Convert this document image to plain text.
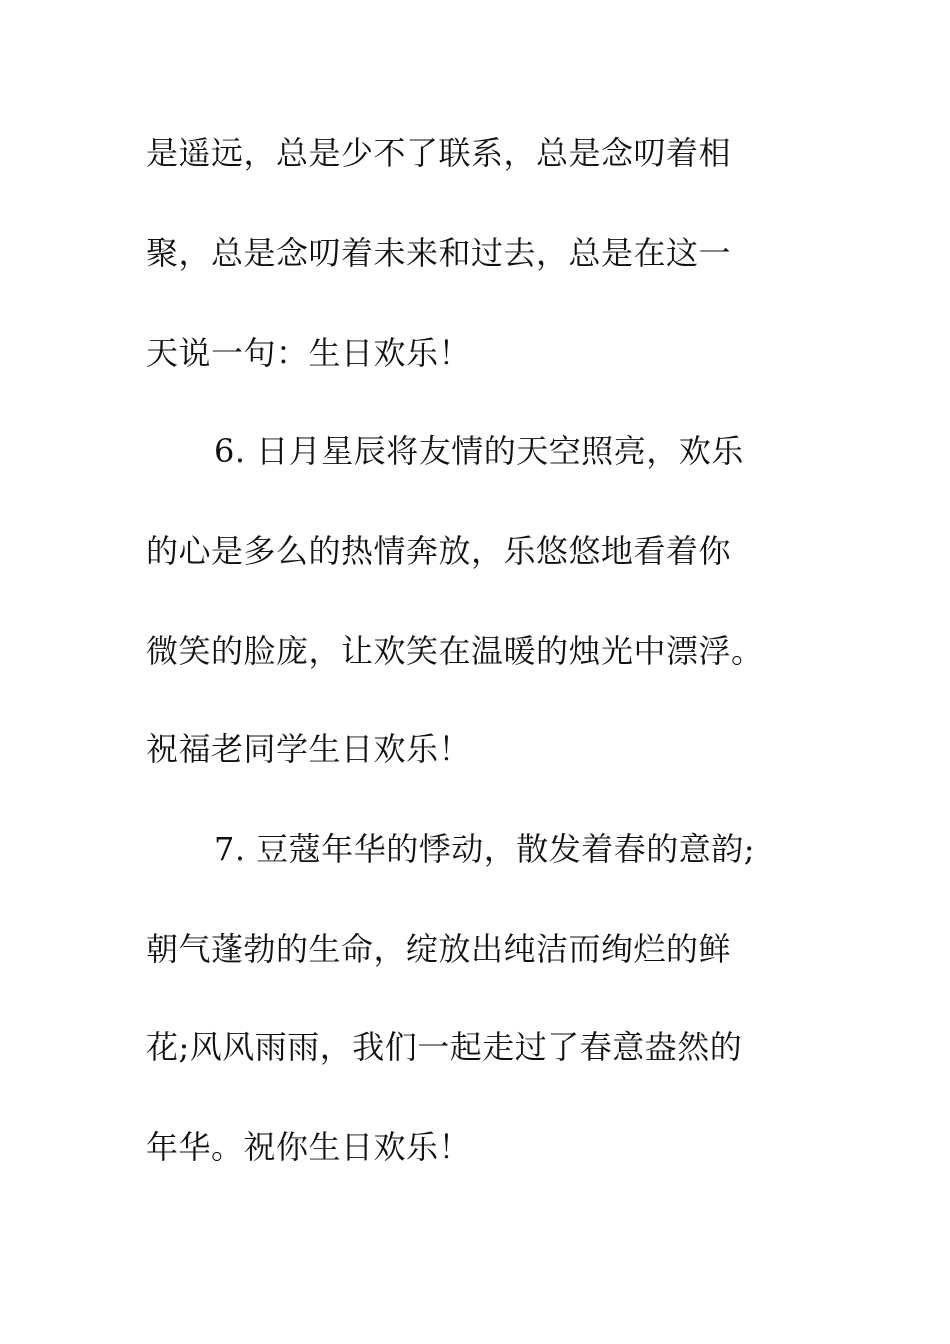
是遥远，总是少不了联系，总是念叨着相
聚，总是念叨着未来和过去，总是在这一
天说一句：生日欢乐！
6. 日月星辰将友情的天空照亮，欢乐
的心是多么的热情奔放，乐悠悠地看着你
微笑的脸庞，让欢笑在温暖的烛光中漂浮。
祝福老同学生日欢乐！
7. 豆蔻年华的悸动，散发着春的意韵;
朝气蓬勃的生命，绽放出纯洁而绚烂的鲜
花;风风雨雨，我们一起走过了春意盎然的
年华。祝你生日欢乐！
